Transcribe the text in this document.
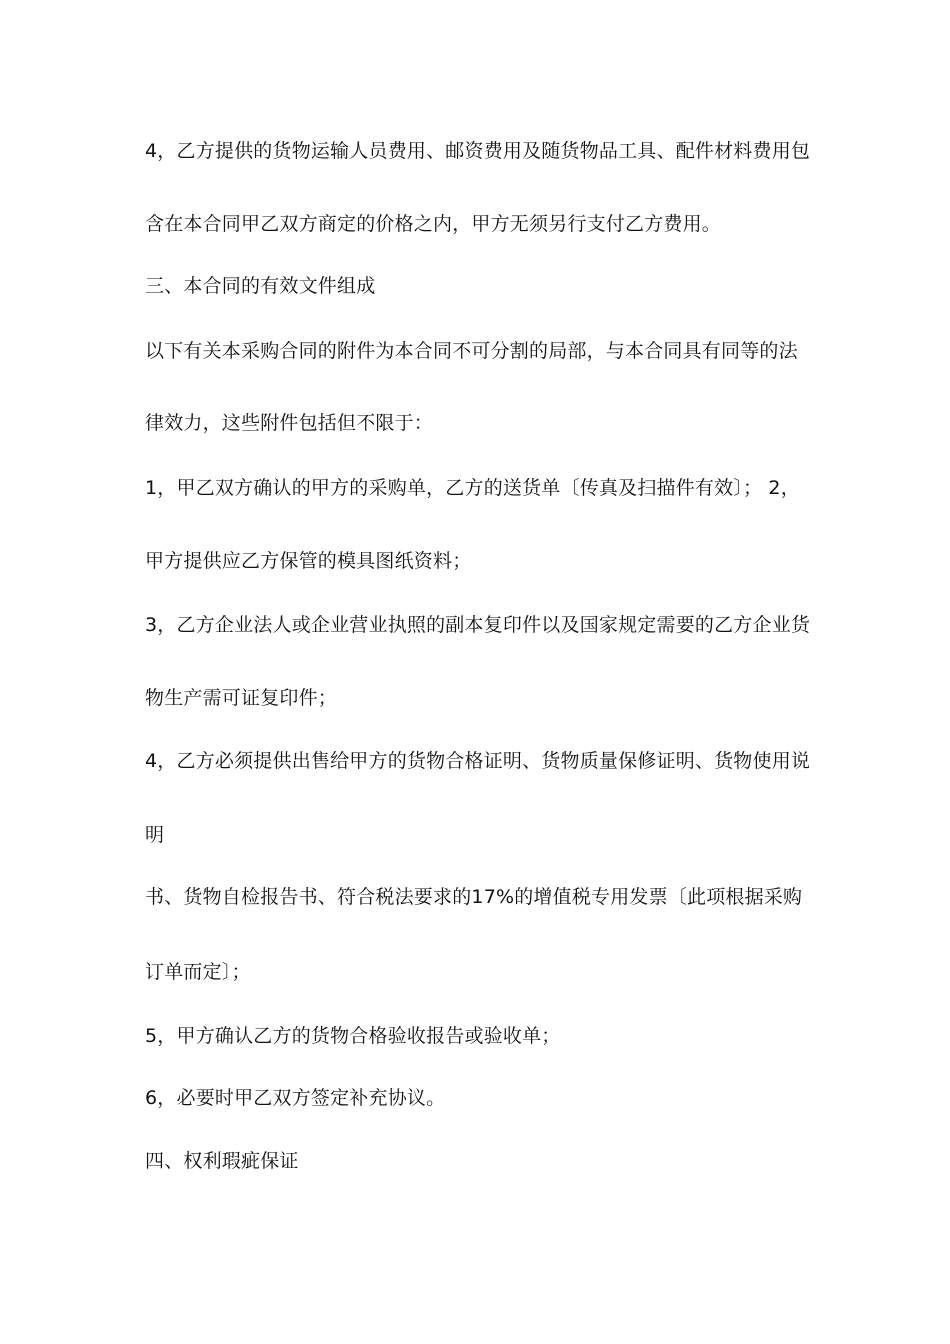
4，乙方提供的货物运输人员费用、邮资费用及随货物品工具、配件材料费用包
含在本合同甲乙双方商定的价格之内，甲方无须另行支付乙方费用。
三、本合同的有效文件组成
以下有关本采购合同的附件为本合同不可分割的局部，与本合同具有同等的法
律效力，这些附件包括但不限于：
1，甲乙双方确认的甲方的采购单，乙方的送货单〔传真及扫描件有效〕； 2，
甲方提供应乙方保管的模具图纸资料；
3，乙方企业法人或企业营业执照的副本复印件以及国家规定需要的乙方企业货
物生产需可证复印件；
4，乙方必须提供出售给甲方的货物合格证明、货物质量保修证明、货物使用说
明
书、货物自检报告书、符合税法要求的17%的增值税专用发票〔此项根据采购
订单而定〕；
5，甲方确认乙方的货物合格验收报告或验收单；
6，必要时甲乙双方签定补充协议。
四、权利瑕疵保证
